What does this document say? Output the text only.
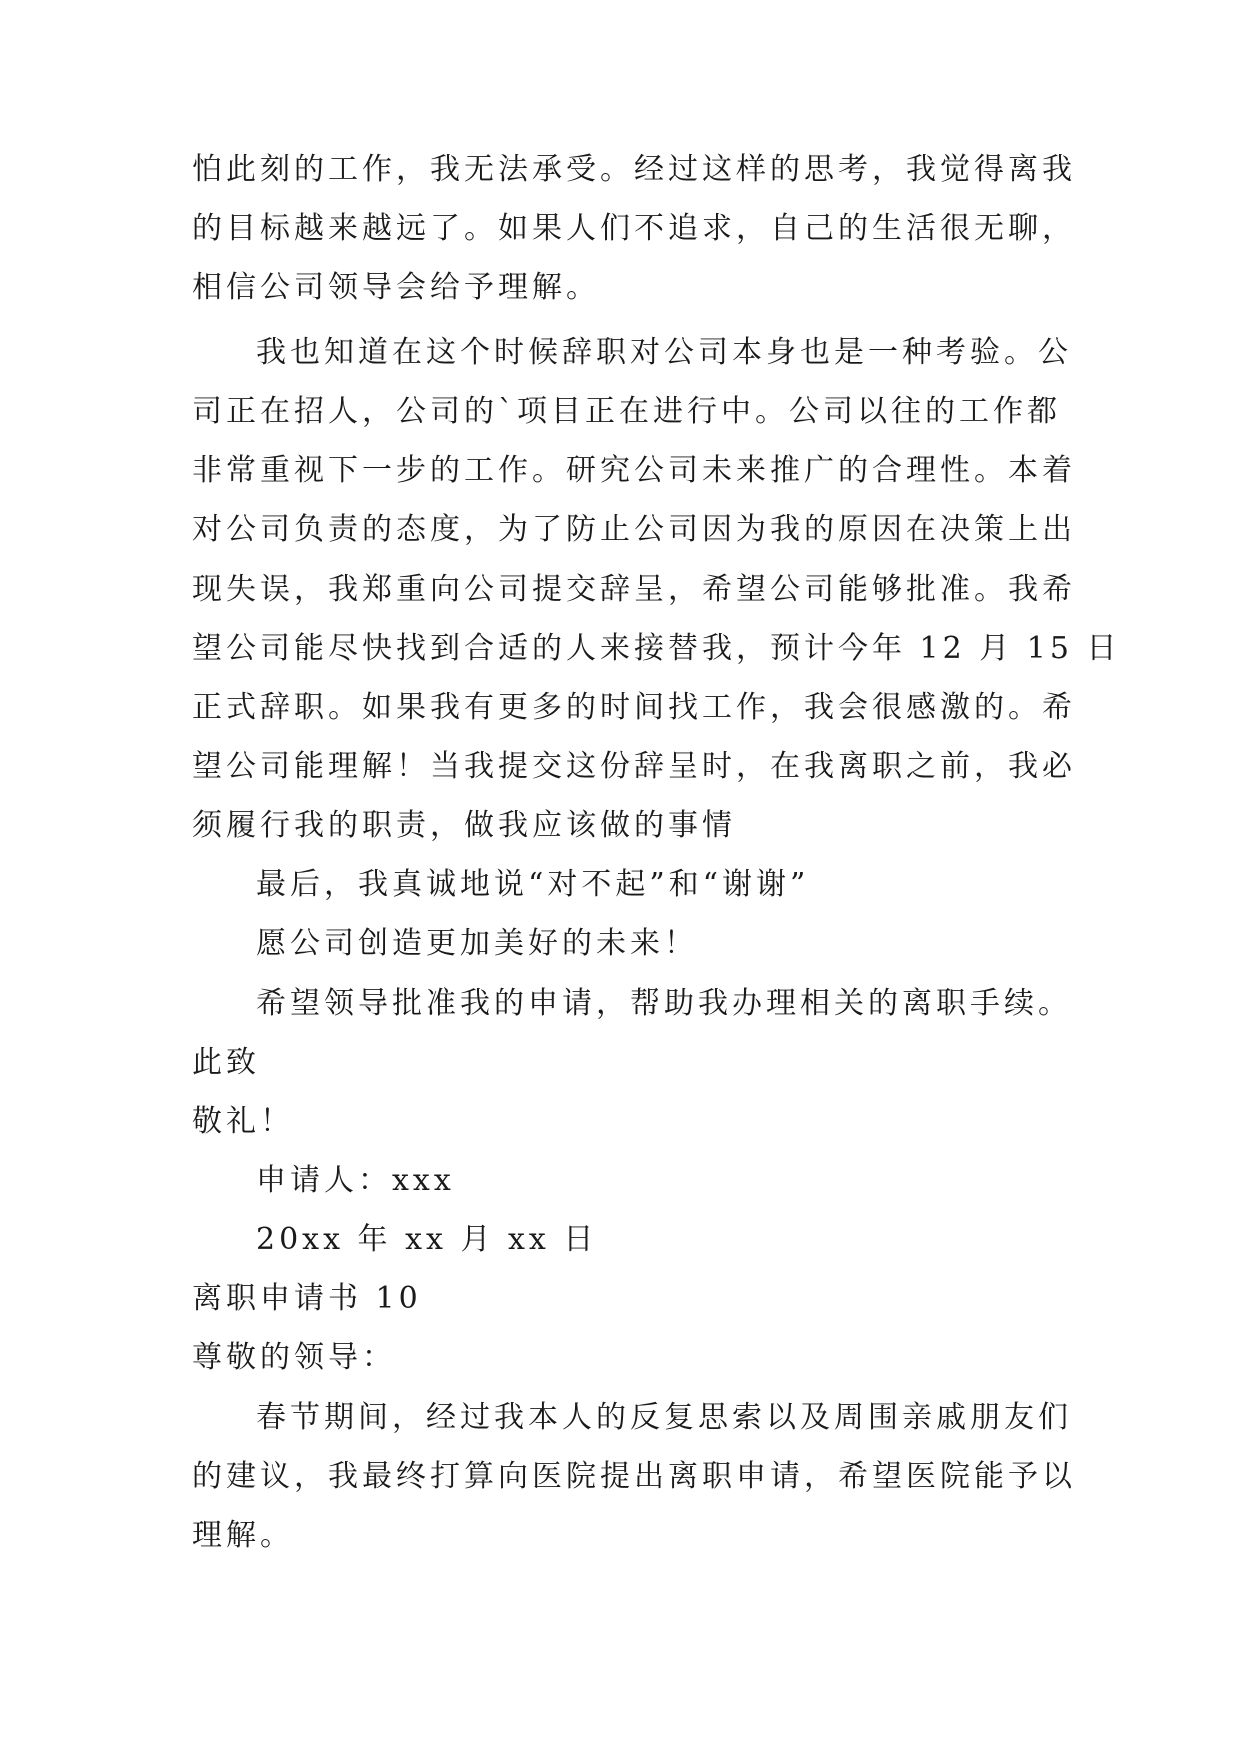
怕此刻的工作，我无法承受。经过这样的思考，我觉得离我
的目标越来越远了。如果人们不追求，自己的生活很无聊，
相信公司领导会给予理解。
我也知道在这个时候辞职对公司本身也是一种考验。公
司正在招人，公司的`项目正在进行中。公司以往的工作都
非常重视下一步的工作。研究公司未来推广的合理性。本着
对公司负责的态度，为了防止公司因为我的原因在决策上出
现失误，我郑重向公司提交辞呈，希望公司能够批准。我希
望公司能尽快找到合适的人来接替我，预计今年 12 月 15 日
正式辞职。如果我有更多的时间找工作，我会很感激的。希
望公司能理解！当我提交这份辞呈时，在我离职之前，我必
须履行我的职责，做我应该做的事情
最后，我真诚地说“对不起”和“谢谢”
愿公司创造更加美好的未来！
希望领导批准我的申请，帮助我办理相关的离职手续。
此致
敬礼！
申请人：xxx
20xx 年 xx 月 xx 日
离职申请书 10
尊敬的领导：
春节期间，经过我本人的反复思索以及周围亲戚朋友们
的建议，我最终打算向医院提出离职申请，希望医院能予以
理解。
